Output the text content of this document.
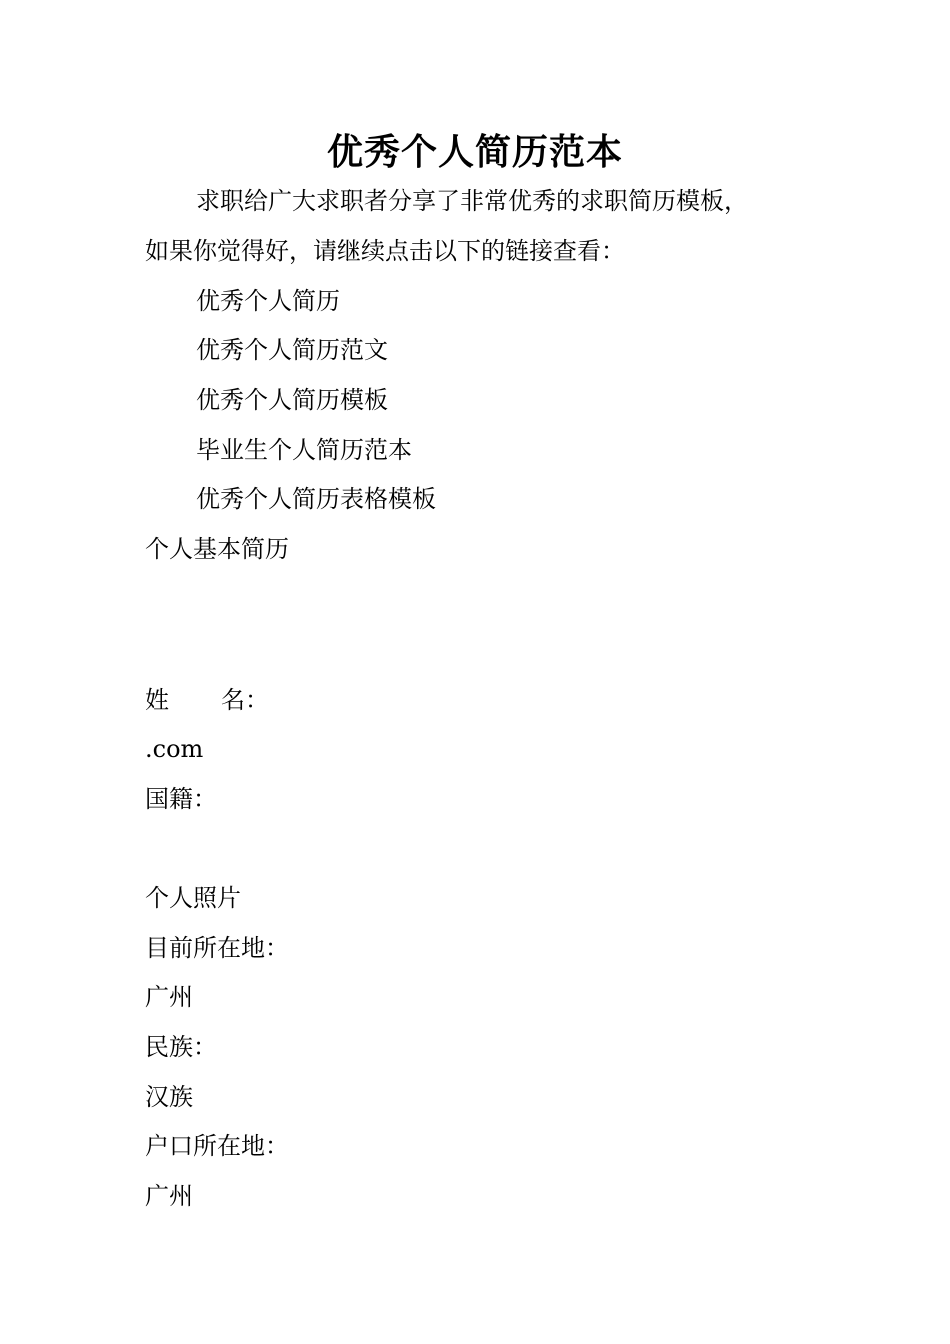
优秀个人简历范本
求职给广大求职者分享了非常优秀的求职简历模板，
如果你觉得好，请继续点击以下的链接查看：
优秀个人简历
优秀个人简历范文
优秀个人简历模板
毕业生个人简历范本
优秀个人简历表格模板
个人基本简历
姓 名：
.com
国籍：
个人照片
目前所在地：
广州
民族：
汉族
户口所在地：
广州
